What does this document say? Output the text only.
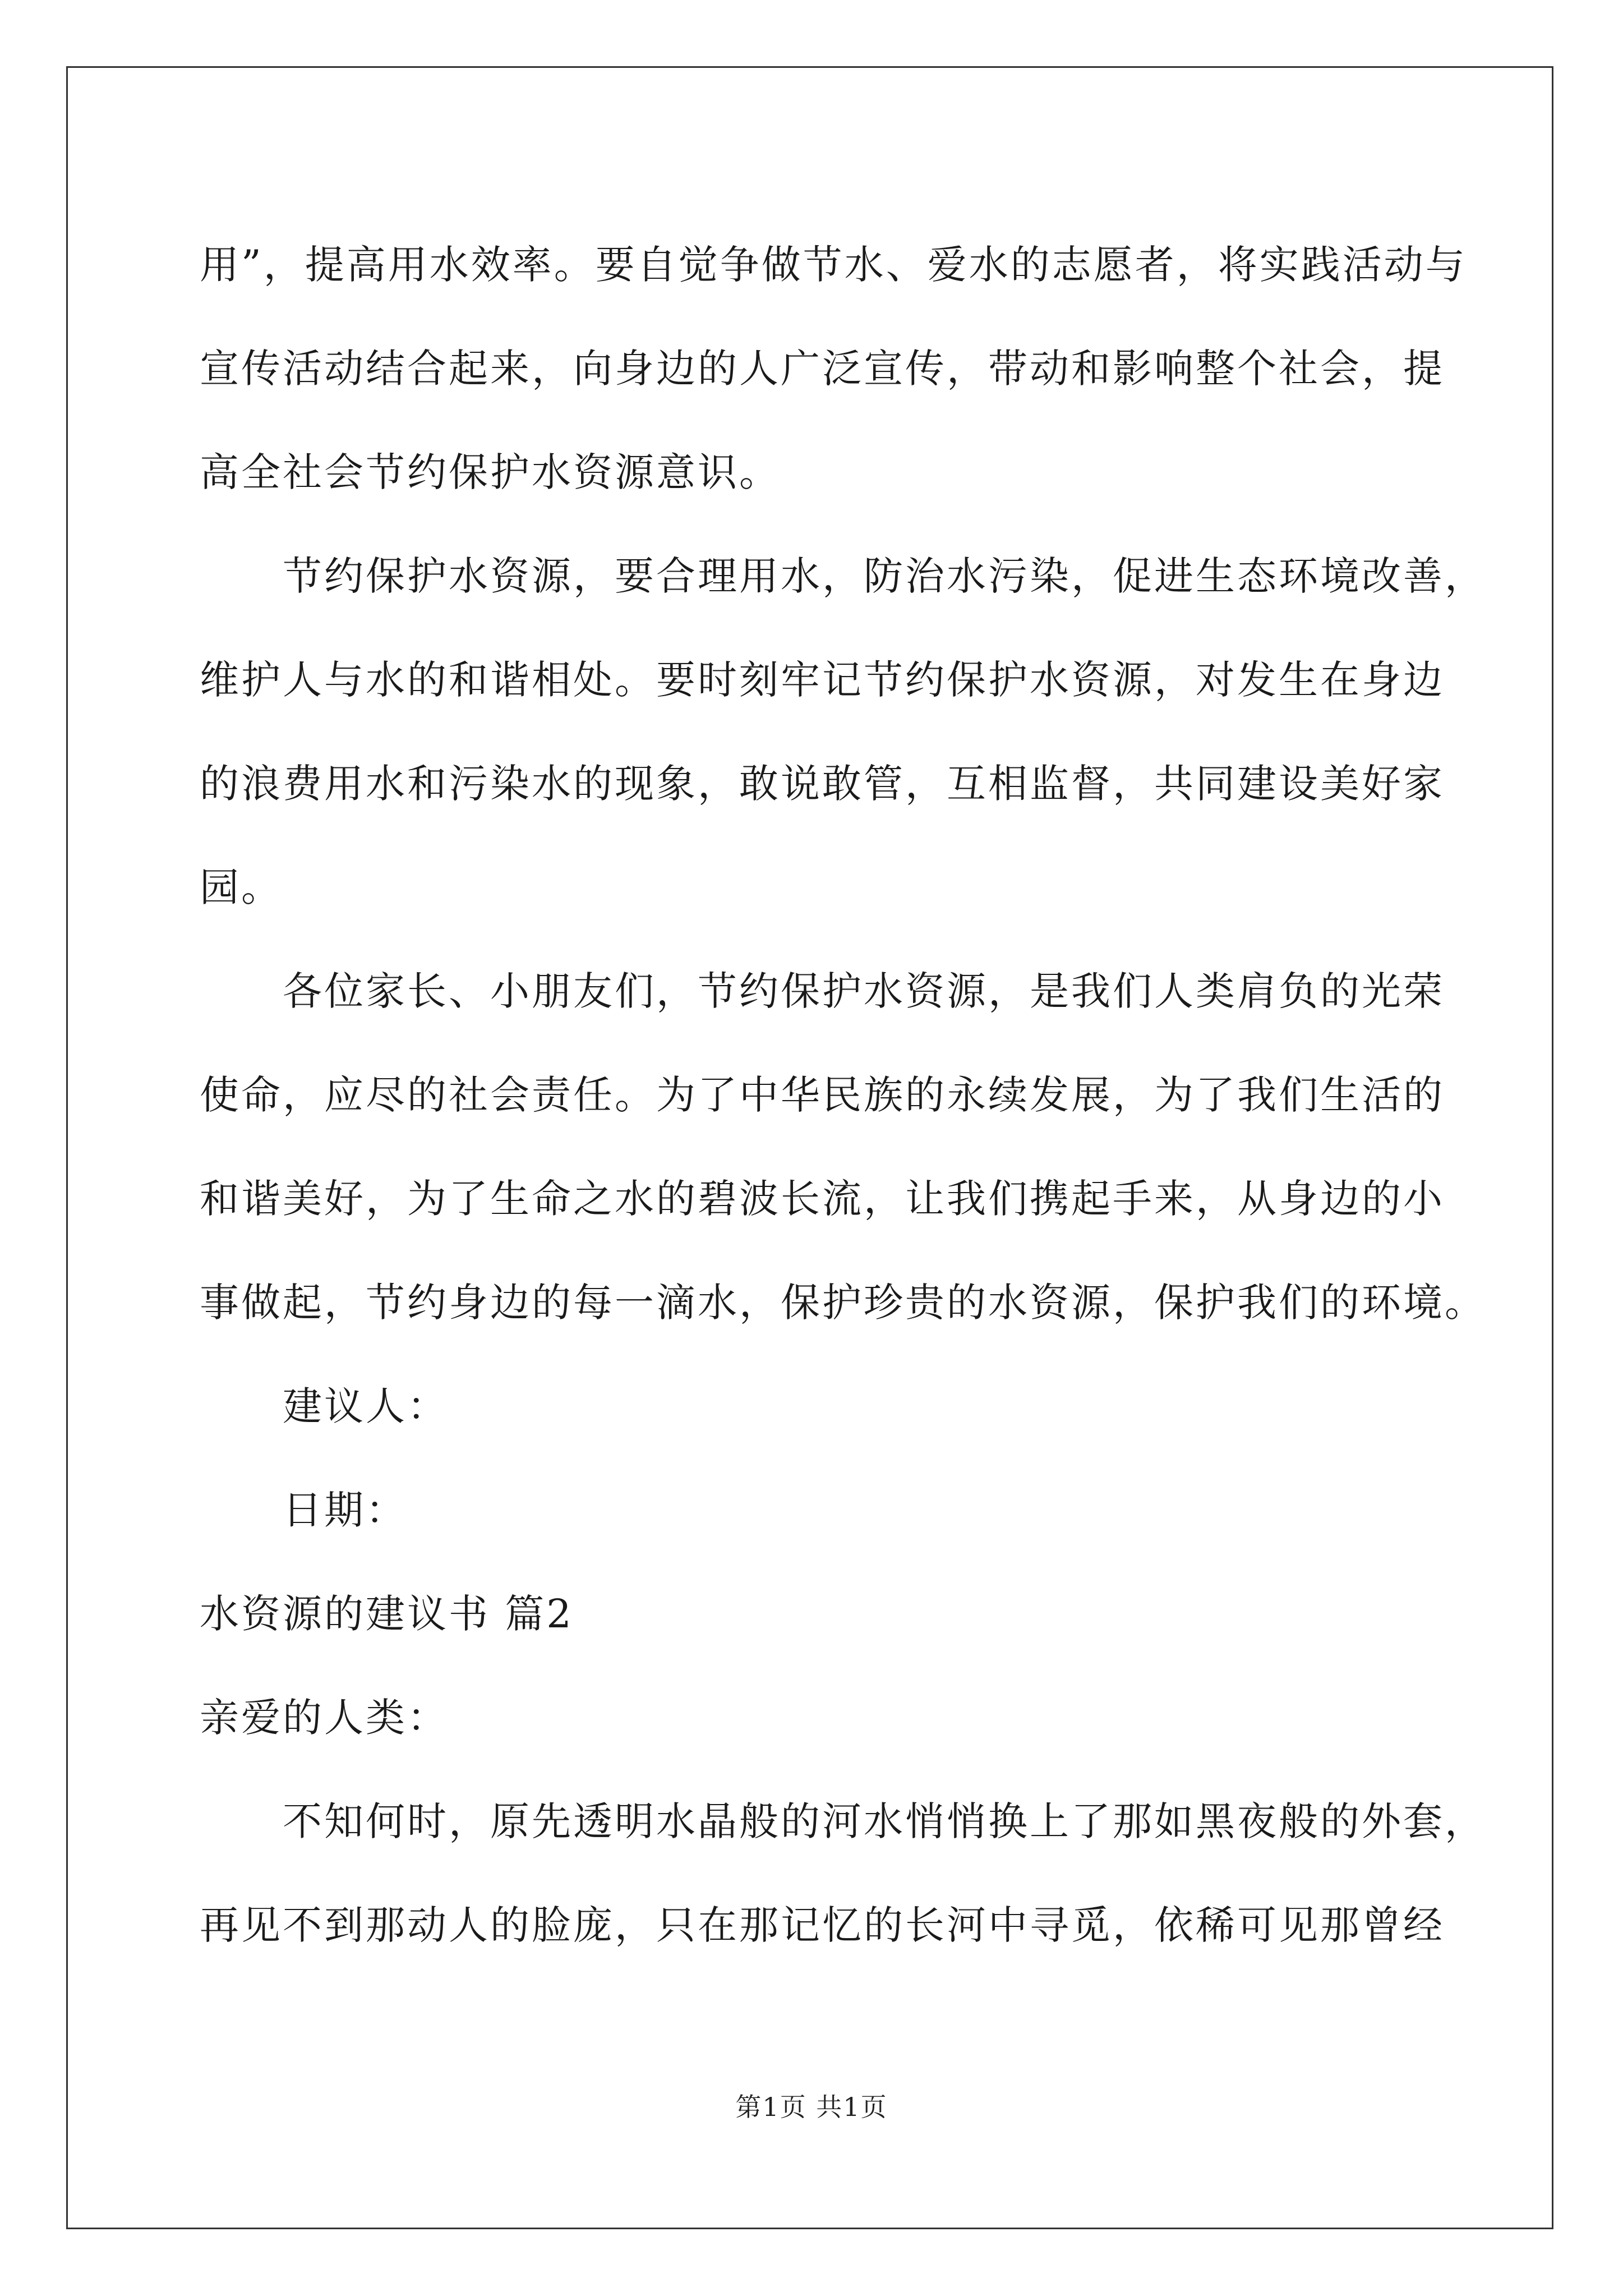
用”，提高用水效率。要自觉争做节水、爱水的志愿者，将实践活动与
宣传活动结合起来，向身边的人广泛宣传，带动和影响整个社会，提
高全社会节约保护水资源意识。
节约保护水资源，要合理用水，防治水污染，促进生态环境改善，
维护人与水的和谐相处。要时刻牢记节约保护水资源，对发生在身边
的浪费用水和污染水的现象，敢说敢管，互相监督，共同建设美好家
园。
各位家长、小朋友们，节约保护水资源，是我们人类肩负的光荣
使命，应尽的社会责任。为了中华民族的永续发展，为了我们生活的
和谐美好，为了生命之水的碧波长流，让我们携起手来，从身边的小
事做起，节约身边的每一滴水，保护珍贵的水资源，保护我们的环境。
建议人：
日期：
水资源的建议书 篇2
亲爱的人类：
不知何时，原先透明水晶般的河水悄悄换上了那如黑夜般的外套，
再见不到那动人的脸庞，只在那记忆的长河中寻觅，依稀可见那曾经
第1页 共1页
